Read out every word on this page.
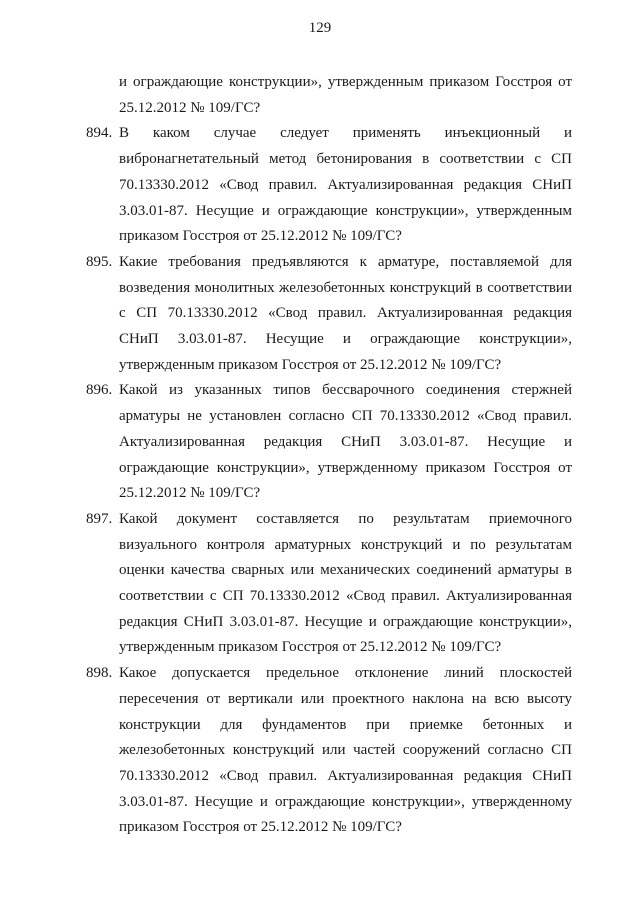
129

и ограждающие конструкции», утвержденным приказом Госстроя от 25.12.2012 № 109/ГС?

894. В каком случае следует применять инъекционный и вибронагнетательный метод бетонирования в соответствии с СП 70.13330.2012 «Свод правил. Актуализированная редакция СНиП 3.03.01-87. Несущие и ограждающие конструкции», утвержденным приказом Госстроя от 25.12.2012 № 109/ГС?
895. Какие требования предъявляются к арматуре, поставляемой для возведения монолитных железобетонных конструкций в соответствии с СП 70.13330.2012 «Свод правил. Актуализированная редакция СНиП 3.03.01-87. Несущие и ограждающие конструкции», утвержденным приказом Госстроя от 25.12.2012 № 109/ГС?
896. Какой из указанных типов бессварочного соединения стержней арматуры не установлен согласно СП 70.13330.2012 «Свод правил. Актуализированная редакция СНиП 3.03.01-87. Несущие и ограждающие конструкции», утвержденному приказом Госстроя от 25.12.2012 № 109/ГС?
897. Какой документ составляется по результатам приемочного визуального контроля арматурных конструкций и по результатам оценки качества сварных или механических соединений арматуры в соответствии с СП 70.13330.2012 «Свод правил. Актуализированная редакция СНиП 3.03.01-87. Несущие и ограждающие конструкции», утвержденным приказом Госстроя от 25.12.2012 № 109/ГС?
898. Какое допускается предельное отклонение линий плоскостей пересечения от вертикали или проектного наклона на всю высоту конструкции для фундаментов при приемке бетонных и железобетонных конструкций или частей сооружений согласно СП 70.13330.2012 «Свод правил. Актуализированная редакция СНиП 3.03.01-87. Несущие и ограждающие конструкции», утвержденному приказом Госстроя от 25.12.2012 № 109/ГС?
